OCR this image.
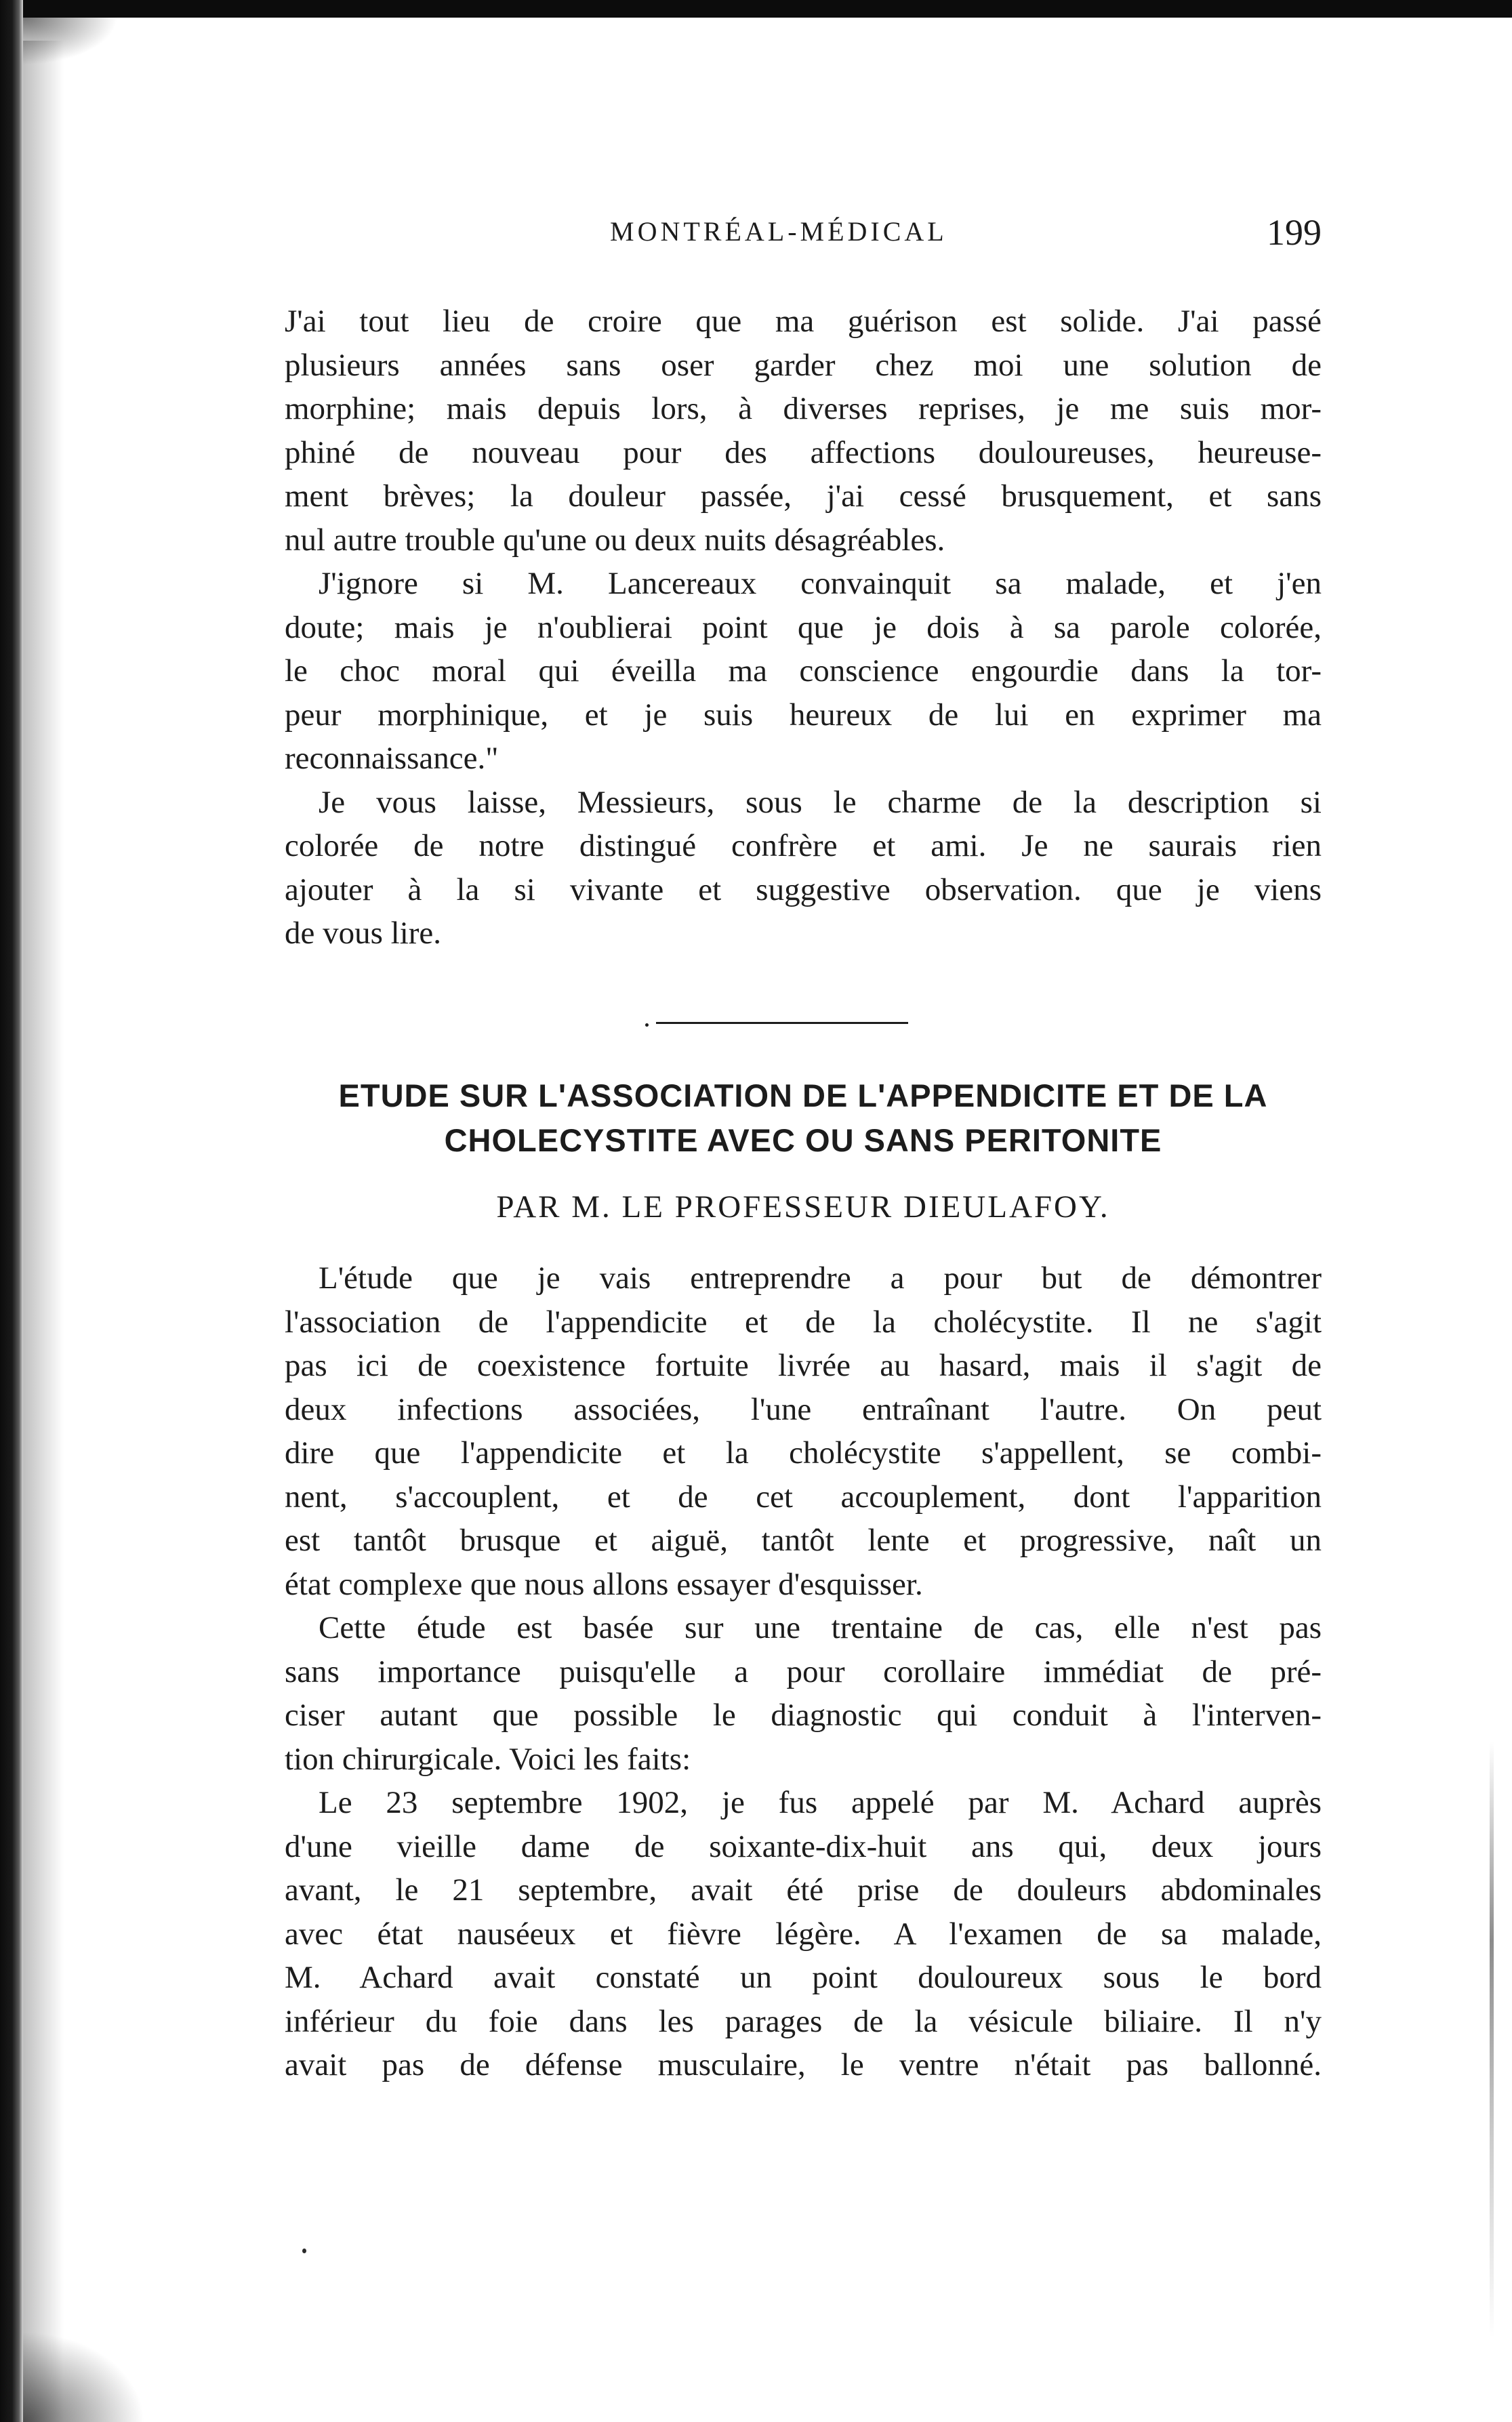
MONTRÉAL-MÉDICAL	199
J'ai tout lieu de croire que ma guérison est solide. J'ai passé
plusieurs années sans oser garder chez moi une solution de
morphine; mais depuis lors, à diverses reprises, je me suis mor-
phiné de nouveau pour des affections douloureuses, heureuse-
ment brèves; la douleur passée, j'ai cessé brusquement, et sans
nul autre trouble qu'une ou deux nuits désagréables.
J'ignore si M. Lancereaux convainquit sa malade, et j'en
doute; mais je n'oublierai point que je dois à sa parole colorée,
le choc moral qui éveilla ma conscience engourdie dans la tor-
peur morphinique, et je suis heureux de lui en exprimer ma
reconnaissance."
Je vous laisse, Messieurs, sous le charme de la description si
colorée de notre distingué confrère et ami. Je ne saurais rien
ajouter à la si vivante et suggestive observation. que je viens
de vous lire.
ETUDE SUR L'ASSOCIATION DE L'APPENDICITE ET DE LA
CHOLECYSTITE AVEC OU SANS PERITONITE
PAR M. LE PROFESSEUR DIEULAFOY.
L'étude que je vais entreprendre a pour but de démontrer
l'association de l'appendicite et de la cholécystite. Il ne s'agit
pas ici de coexistence fortuite livrée au hasard, mais il s'agit de
deux infections associées, l'une entraînant l'autre. On peut
dire que l'appendicite et la cholécystite s'appellent, se combi-
nent, s'accouplent, et de cet accouplement, dont l'apparition
est tantôt brusque et aiguë, tantôt lente et progressive, naît un
état complexe que nous allons essayer d'esquisser.
Cette étude est basée sur une trentaine de cas, elle n'est pas
sans importance puisqu'elle a pour corollaire immédiat de pré-
ciser autant que possible le diagnostic qui conduit à l'interven-
tion chirurgicale. Voici les faits:
Le 23 septembre 1902, je fus appelé par M. Achard auprès
d'une vieille dame de soixante-dix-huit ans qui, deux jours
avant, le 21 septembre, avait été prise de douleurs abdominales
avec état nauséeux et fièvre légère. A l'examen de sa malade,
M. Achard avait constaté un point douloureux sous le bord
inférieur du foie dans les parages de la vésicule biliaire. Il n'y
avait pas de défense musculaire, le ventre n'était pas ballonné.
